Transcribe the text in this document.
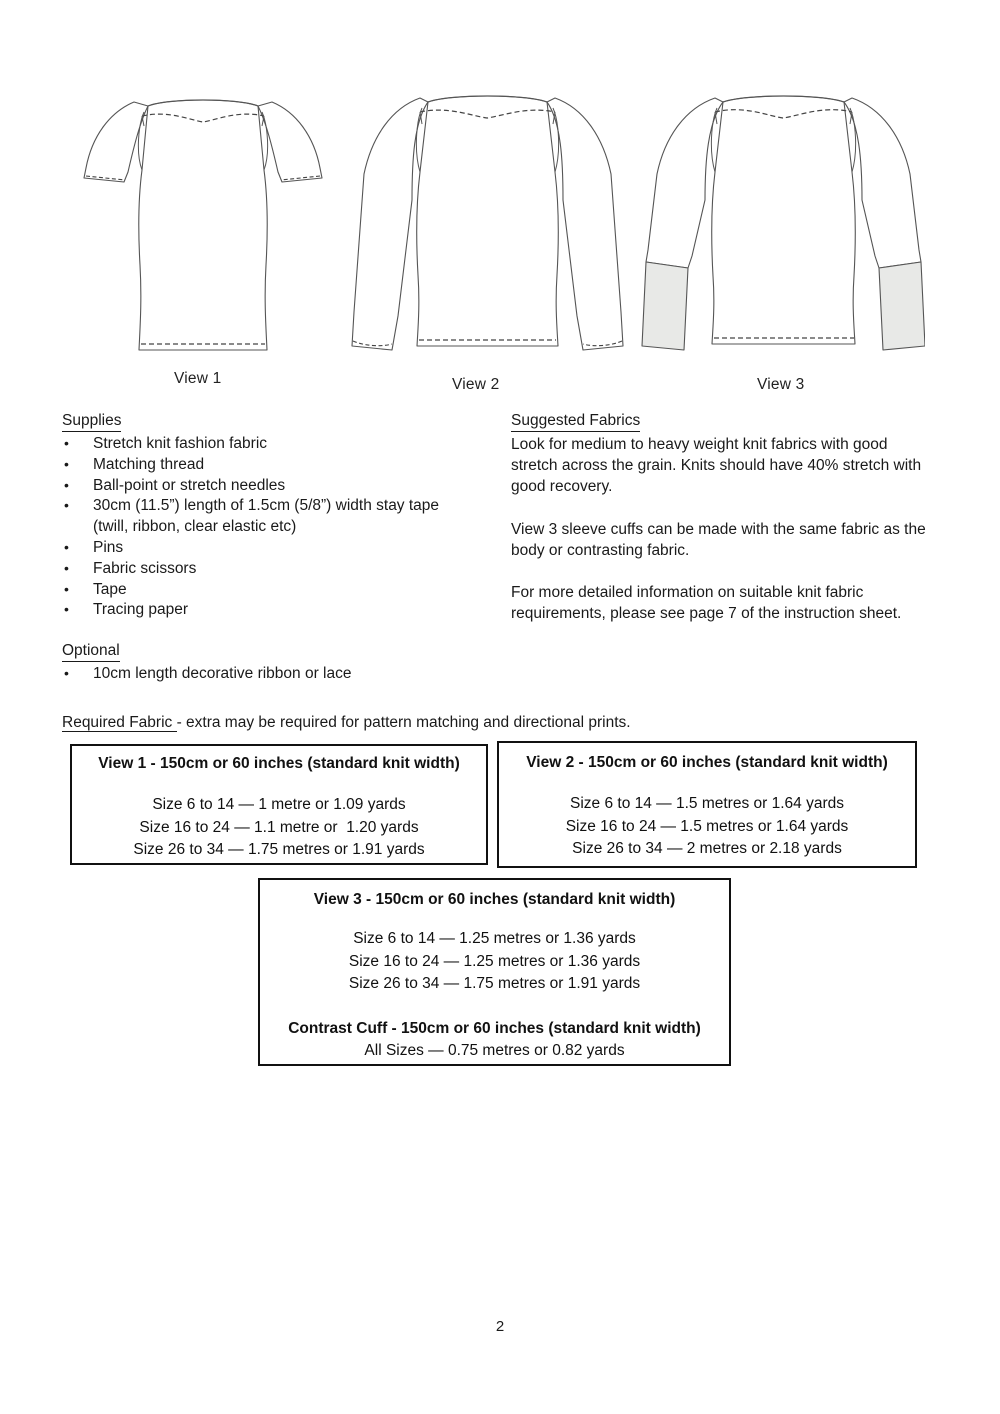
View 1	View 2	View 3
Supplies
• Stretch knit fashion fabric
• Matching thread
• Ball-point or stretch needles
• 30cm (11.5”) length of 1.5cm (5/8”) width stay tape
(twill, ribbon, clear elastic etc)
• Pins
• Fabric scissors
• Tape
• Tracing paper
Optional
• 10cm length decorative ribbon or lace
Suggested Fabrics

Look for medium to heavy weight knit fabrics with good stretch across the grain. Knits should have 40% stretch with good recovery.

View 3 sleeve cuffs can be made with the same fabric as the body or contrasting fabric.

For more detailed information on suitable knit fabric requirements, please see page 7 of the instruction sheet.

Required Fabric - extra may be required for pattern matching and directional prints.

View 1 - 150cm or 60 inches (standard knit width)

Size 6 to 14 — 1 metre or 1.09 yards

Size 16 to 24 — 1.1 metre or  1.20 yards

Size 26 to 34 — 1.75 metres or 1.91 yards

View 2 - 150cm or 60 inches (standard knit width)

Size 6 to 14 — 1.5 metres or 1.64 yards

Size 16 to 24 — 1.5 metres or 1.64 yards

Size 26 to 34 — 2 metres or 2.18 yards

View 3 - 150cm or 60 inches (standard knit width)

Size 6 to 14 — 1.25 metres or 1.36 yards

Size 16 to 24 — 1.25 metres or 1.36 yards

Size 26 to 34 — 1.75 metres or 1.91 yards

Contrast Cuff - 150cm or 60 inches (standard knit width)

All Sizes — 0.75 metres or 0.82 yards

2
